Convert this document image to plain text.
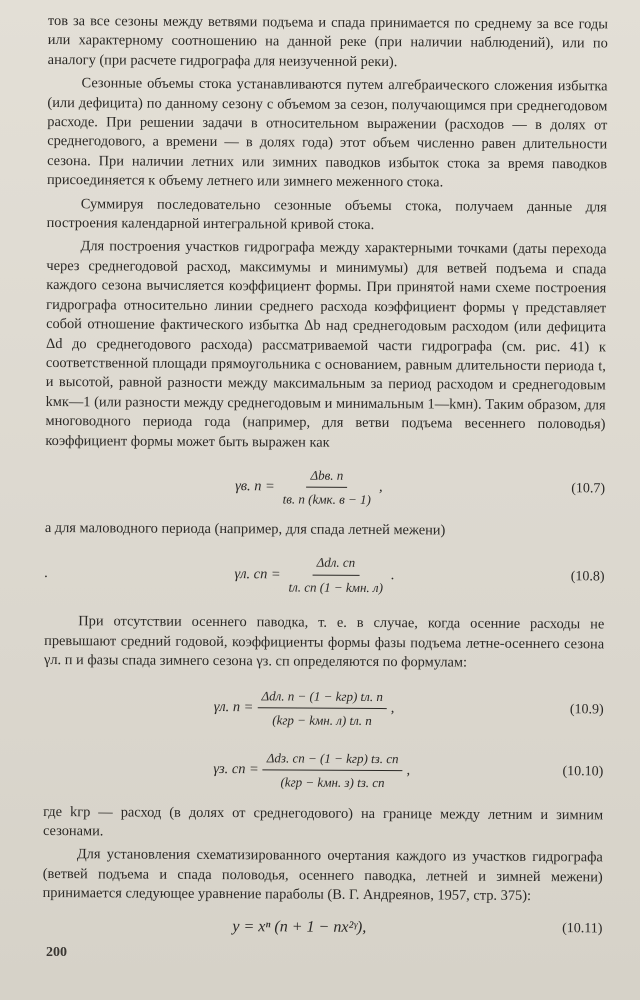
тов за все сезоны между ветвями подъема и спада принимается по среднему за все годы или характерному соотношению на данной реке (при наличии наблюдений), или по аналогу (при расчете гидрографа для неизученной реки).

Сезонные объемы стока устанавливаются путем алгебраического сложения избытка (или дефицита) по данному сезону с объемом за сезон, получающимся при среднегодовом расходе. При решении задачи в относительном выражении (расходов — в долях от среднегодового, а времени — в долях года) этот объем численно равен длительности сезона. При наличии летних или зимних паводков избыток стока за время паводков присоединяется к объему летнего или зимнего меженного стока.

Суммируя последовательно сезонные объемы стока, получаем данные для построения календарной интегральной кривой стока.

Для построения участков гидрографа между характерными точками (даты перехода через среднегодовой расход, максимумы и минимумы) для ветвей подъема и спада каждого сезона вычисляется коэффициент формы. При принятой нами схеме построения гидрографа относительно линии среднего расхода коэффициент формы γ представляет собой отношение фактического избытка Δb над среднегодовым расходом (или дефицита Δd до среднегодового расхода) рассматриваемой части гидрографа (см. рис. 41) к соответственной площади прямоугольника с основанием, равным длительности периода t, и высотой, равной разности между максимальным за период расходом и среднегодовым kмк—1 (или разности между среднегодовым и минимальным 1—kмн). Таким образом, для многоводного периода года (например, для ветви подъема весеннего половодья) коэффициент формы может быть выражен как

γв. $п = \frac{\text{Δbв. п}}{\text{tв. п (kмк. в − 1)}}$ ,	(10.7)

а для маловодного периода (например, для спада летней межени)

.	γл. сп = $\frac{\text{Δdл. сп}}{\text{tл. сп (1 − kмн. л)}}$ .	(10.8)

При отсутствии осеннего паводка, т. е. в случае, когда осенние расходы не превышают средний годовой, коэффициенты формы фазы подъема летне-осеннего сезона γл. п и фазы спада зимнего сезона γз. сп определяются по формулам:

γл. $п = \frac{\text{Δdл. п − (1 − kгр) tл. п}}{\text{(kгр − kмн. л) tл. п}}$ ,	(10.9)
γз. сп = $\frac{\text{Δdз. сп − (1 − kгр) tз. сп}}{\text{(kгр − kмн. з) tз. сп}}$ ,	(10.10)

где kгр — расход (в долях от среднегодового) на границе между летним и зимним сезонами.

Для установления схематизированного очертания каждого из участков гидрографа (ветвей подъема и спада половодья, осеннего паводка, летней и зимней межени) принимается следующее уравнение параболы (В. Г. Андреянов, 1957, стр. 375):

y = xⁿ (n + 1 − nx²ᵞ),	(10.11)
200
